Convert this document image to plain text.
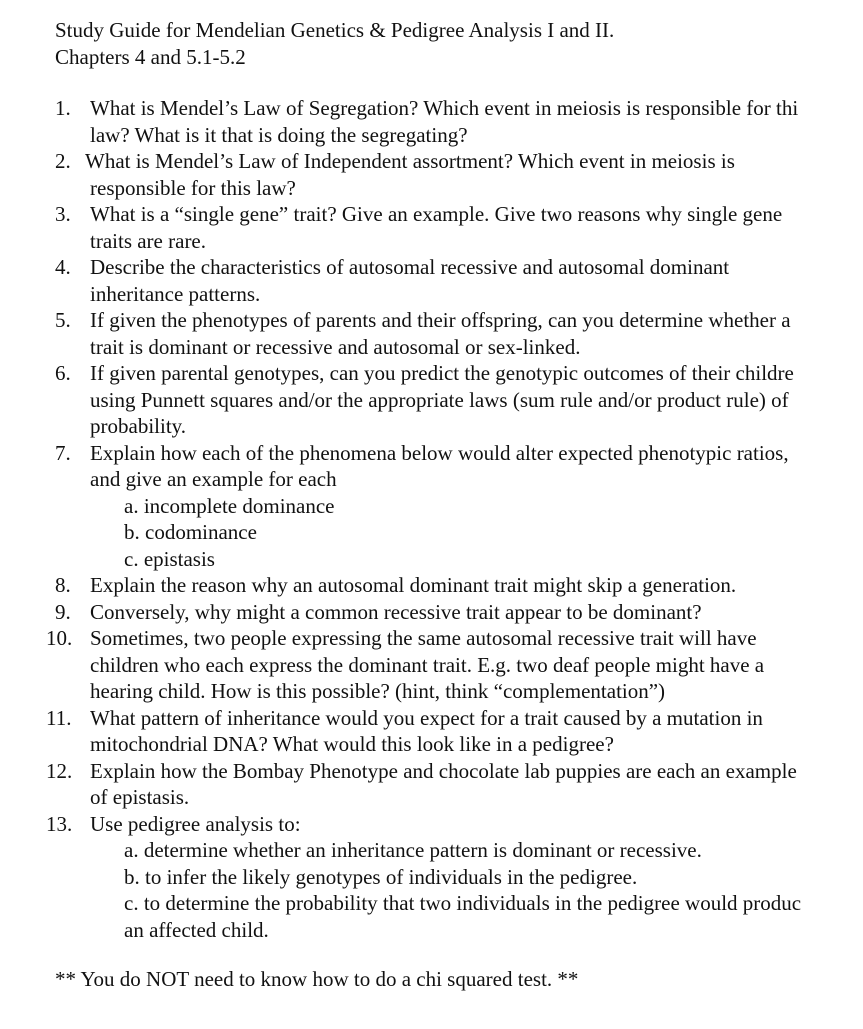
Study Guide for Mendelian Genetics & Pedigree Analysis I and II.
Chapters 4 and 5.1-5.2
1. What is Mendel’s Law of Segregation? Which event in meiosis is responsible for thi
law? What is it that is doing the segregating?
2. What is Mendel’s Law of Independent assortment? Which event in meiosis is
responsible for this law?
3. What is a “single gene” trait? Give an example. Give two reasons why single gene
traits are rare.
4. Describe the characteristics of autosomal recessive and autosomal dominant
inheritance patterns.
5. If given the phenotypes of parents and their offspring, can you determine whether a
trait is dominant or recessive and autosomal or sex-linked.
6. If given parental genotypes, can you predict the genotypic outcomes of their childre
using Punnett squares and/or the appropriate laws (sum rule and/or product rule) of
probability.
7. Explain how each of the phenomena below would alter expected phenotypic ratios,
and give an example for each
a. incomplete dominance
b. codominance
c. epistasis
8. Explain the reason why an autosomal dominant trait might skip a generation.
9. Conversely, why might a common recessive trait appear to be dominant?
10. Sometimes, two people expressing the same autosomal recessive trait will have
children who each express the dominant trait. E.g. two deaf people might have a
hearing child. How is this possible? (hint, think “complementation”)
11. What pattern of inheritance would you expect for a trait caused by a mutation in
mitochondrial DNA? What would this look like in a pedigree?
12. Explain how the Bombay Phenotype and chocolate lab puppies are each an example
of epistasis.
13. Use pedigree analysis to:
a. determine whether an inheritance pattern is dominant or recessive.
b. to infer the likely genotypes of individuals in the pedigree.
c. to determine the probability that two individuals in the pedigree would produc
an affected child.
** You do NOT need to know how to do a chi squared test. **
